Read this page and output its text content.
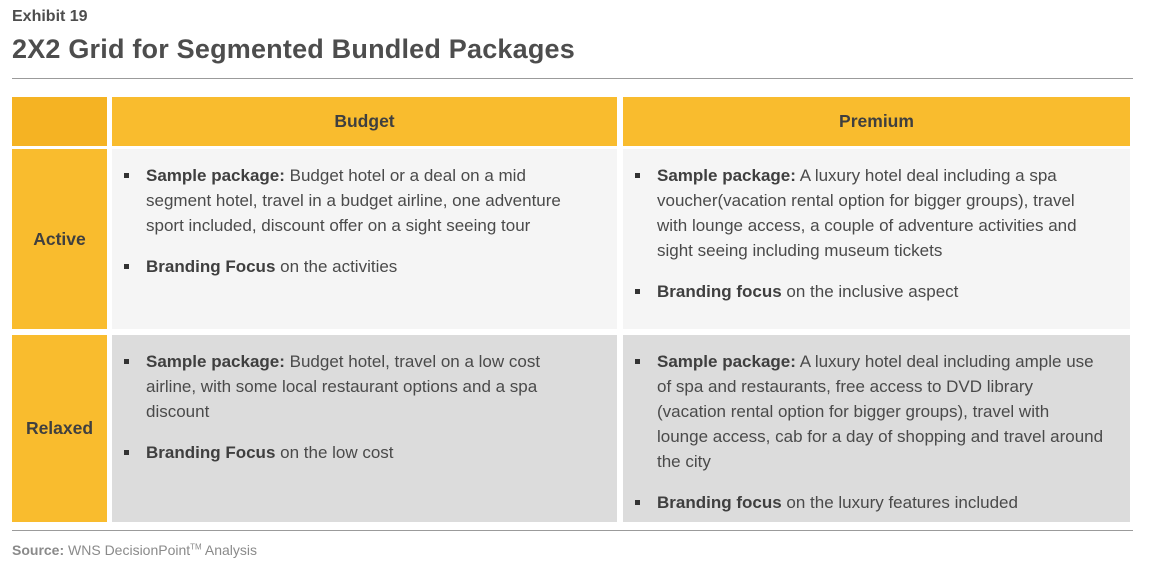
Exhibit 19
2X2 Grid for Segmented Bundled Packages
Budget	Premium
Active
Relaxed
Sample package: Budget hotel or a deal on a mid segment hotel, travel in a budget airline, one adventure sport included, discount offer on a sight seeing tour
Branding Focus on the activities
Sample package: A luxury hotel deal including a spa voucher(vacation rental option for bigger groups), travel with lounge access, a couple of adventure activities and sight seeing including museum tickets
Branding focus on the inclusive aspect
Sample package: Budget hotel, travel on a low cost airline, with some local restaurant options and a spa discount
Branding Focus on the low cost
Sample package: A luxury hotel deal including ample use of spa and restaurants, free access to DVD library (vacation rental option for bigger groups), travel with lounge access, cab for a day of shopping and travel around the city
Branding focus on the luxury features included
Source: WNS DecisionPoint™ Analysis
